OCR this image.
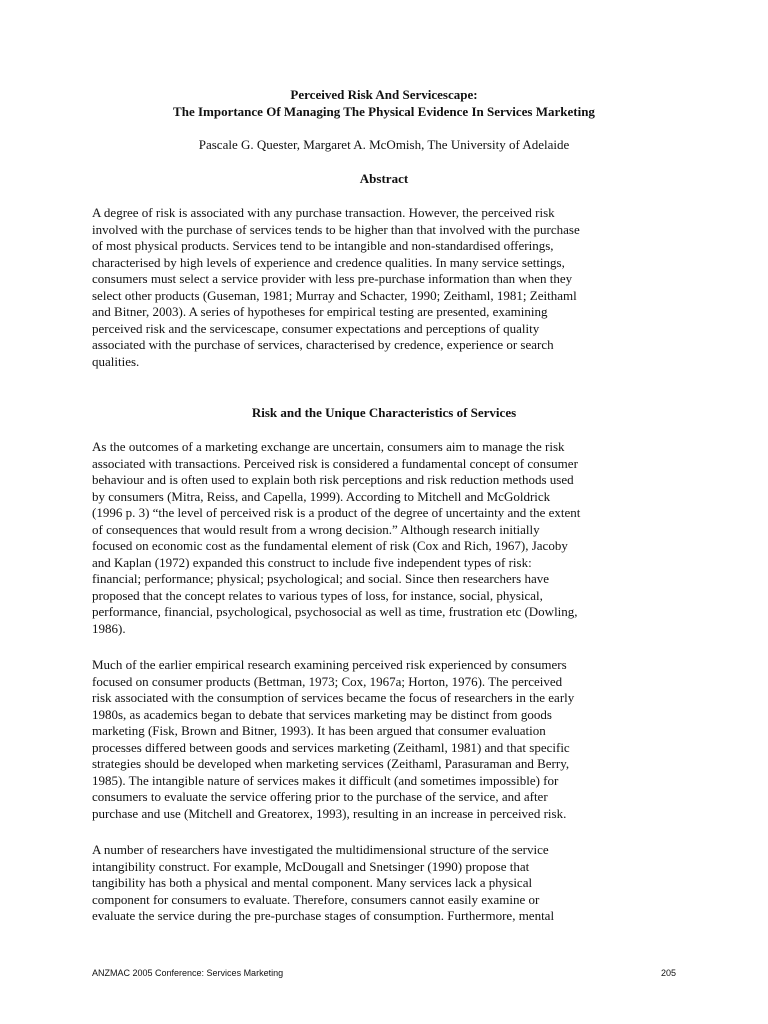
Perceived Risk And Servicescape:
The Importance Of Managing The Physical Evidence In Services Marketing
Pascale G. Quester, Margaret A. McOmish, The University of Adelaide
Abstract
A degree of risk is associated with any purchase transaction. However, the perceived risk
involved with the purchase of services tends to be higher than that involved with the purchase
of most physical products. Services tend to be intangible and non-standardised offerings,
characterised by high levels of experience and credence qualities. In many service settings,
consumers must select a service provider with less pre-purchase information than when they
select other products (Guseman, 1981; Murray and Schacter, 1990; Zeithaml, 1981; Zeithaml
and Bitner, 2003). A series of hypotheses for empirical testing are presented, examining
perceived risk and the servicescape, consumer expectations and perceptions of quality
associated with the purchase of services, characterised by credence, experience or search
qualities.
Risk and the Unique Characteristics of Services
As the outcomes of a marketing exchange are uncertain, consumers aim to manage the risk
associated with transactions. Perceived risk is considered a fundamental concept of consumer
behaviour and is often used to explain both risk perceptions and risk reduction methods used
by consumers (Mitra, Reiss, and Capella, 1999). According to Mitchell and McGoldrick
(1996 p. 3) “the level of perceived risk is a product of the degree of uncertainty and the extent
of consequences that would result from a wrong decision.” Although research initially
focused on economic cost as the fundamental element of risk (Cox and Rich, 1967), Jacoby
and Kaplan (1972) expanded this construct to include five independent types of risk:
financial; performance; physical; psychological; and social. Since then researchers have
proposed that the concept relates to various types of loss, for instance, social, physical,
performance, financial, psychological, psychosocial as well as time, frustration etc (Dowling,
1986).
Much of the earlier empirical research examining perceived risk experienced by consumers
focused on consumer products (Bettman, 1973; Cox, 1967a; Horton, 1976). The perceived
risk associated with the consumption of services became the focus of researchers in the early
1980s, as academics began to debate that services marketing may be distinct from goods
marketing (Fisk, Brown and Bitner, 1993). It has been argued that consumer evaluation
processes differed between goods and services marketing (Zeithaml, 1981) and that specific
strategies should be developed when marketing services (Zeithaml, Parasuraman and Berry,
1985). The intangible nature of services makes it difficult (and sometimes impossible) for
consumers to evaluate the service offering prior to the purchase of the service, and after
purchase and use (Mitchell and Greatorex, 1993), resulting in an increase in perceived risk.
A number of researchers have investigated the multidimensional structure of the service
intangibility construct. For example, McDougall and Snetsinger (1990) propose that
tangibility has both a physical and mental component. Many services lack a physical
component for consumers to evaluate. Therefore, consumers cannot easily examine or
evaluate the service during the pre-purchase stages of consumption. Furthermore, mental
ANZMAC 2005 Conference: Services Marketing	205
